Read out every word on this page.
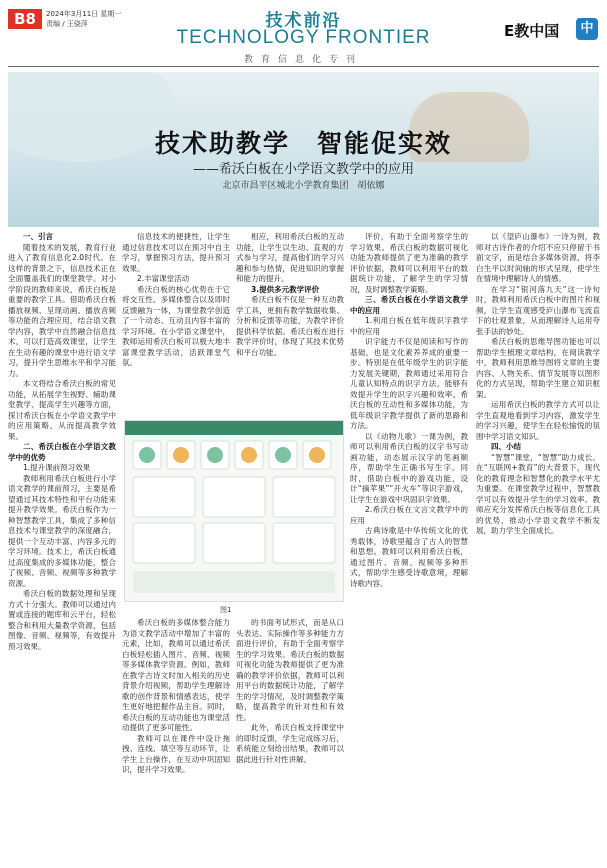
B8	2024年3月11日 星期一
责编 / 王骁萍	技术前沿
TECHNOLOGY FRONTIER
教育信息化专刊
E教中国	中
技术助教学　智能促实效
——希沃白板在小学语文教学中的应用
北京市昌平区城北小学教育集团　胡依娜

一、引言

随着技术的发展，教育行业进入了教育信息化2.0时代。在这样的背景之下，信息技术正在全面覆盖我们的课堂教学。对小学阶段的教师来说，希沃白板是重要的教学工具。借助希沃白板播放视频、呈现动画、播放音频等功能的合理应用，结合语文教学内容，教学中自然融合信息技术，可以打造高效课堂，让学生在生动有趣的课堂中进行语文学习，提升学生思维水平和学习能力。

本文将结合希沃白板的常见功能，从拓展学生视野、辅助课堂教学、提高学生兴趣等方面，探讨希沃白板在小学语文教学中的应用策略，从而提高教学效果。

二、希沃白板在小学语文教学中的优势

1.提升课前预习效果

教师利用希沃白板进行小学语文教学的课前预习，主要是希望通过其技术特性和平台功能来提升教学效果。希沃白板作为一种智慧教学工具，集成了多种信息技术与课堂教学的深度融合，提供一个互动丰富、内容多元的学习环境。技术上，希沃白板通过高度集成的多媒体功能，整合了视频、音频、视频等多种教学资源。

希沃白板的数据处理和呈现方式十分强大。教师可以通过内置或连接的题库和云平台，轻松整合和利用大量教学资源，包括图像、音频、视频等，有效提升预习效果。

信息技术的便捷性，让学生通过信息技术可以在预习中自主学习，掌握预习方法，提升预习效果。

2.丰富课堂活动

希沃白板的核心优势在于它将交互性、多媒体整合以及即时反馈融为一体，为课堂教学创造了一个动态、互动且内容丰富的学习环境。在小学语文课堂中，教师运用希沃白板可以极大地丰富课堂教学活动，活跃课堂气氛。

相应，利用希沃白板的互动功能，让学生以生动、直观的方式参与学习，提高他们的学习兴趣和参与热情，促进知识的掌握和能力的提升。

3.提供多元教学评价

希沃白板不仅是一种互动教学工具，更拥有教学数据收集、分析和反馈等功能，为教学评价提供科学依据。希沃白板在进行教学评价时，体现了其技术优势和平台功能。

图1

希沃白板的多媒体整合能力为语文教学活动中增加了丰富的元素，比如，教师可以通过希沃白板轻松插入图片、音频、视频等多媒体教学资源。例如，教师在教学古诗文时加入相关的历史背景介绍视频，帮助学生理解诗歌的创作背景和情感表达，使学生更好地把握作品主旨。同时，希沃白板的互动功能也为课堂活动提供了更多可能性。

教师可以在课件中设计拖拽、连线、填空等互动环节，让学生上台操作，在互动中巩固知识，提升学习效果。

的书面考试形式，而是从口头表达、实际操作等多种能力方面进行评价，有助于全面考察学生的学习效果。希沃白板的数据可视化功能为教师提供了更为准确的教学评价依据，教师可以利用平台的数据统计功能，了解学生的学习情况，及时调整教学策略，提高教学的针对性和有效性。

此外，希沃白板支持课堂中的即时反馈，学生完成练习后，系统能立刻给出结果，教师可以据此进行针对性讲解。

评价，有助于全面考察学生的学习效果。希沃白板的数据可视化功能为教师提供了更为准确的教学评价依据，教师可以利用平台的数据统计功能，了解学生的学习情况，及时调整教学策略。

三、希沃白板在小学语文教学中的应用

1.利用白板在低年级识字教学中的应用

识字能力不仅是阅读和写作的基础，也是文化素养养成的重要一步。特别是在低年级学生的识字能力发展关键期，教师通过采用符合儿童认知特点的识字方法，能够有效提升学生的识字兴趣和效率。希沃白板的互动性和多媒体功能，为低年级识字教学提供了新的思路和方法。

以《动物儿歌》一课为例，教师可以利用希沃白板的汉字书写动画功能，动态展示汉字的笔画顺序，帮助学生正确书写生字。同时，借助白板中的游戏功能，设计“摘苹果”“开火车”等识字游戏，让学生在游戏中巩固识字效果。

2.希沃白板在文言文教学中的应用

古典诗歌是中华传统文化的优秀载体，诗歌里蕴含了古人的智慧和思想。教师可以利用希沃白板，通过图片、音频、视频等多种形式，帮助学生感受诗歌意境，理解诗歌内容。

以《望庐山瀑布》一诗为例，教师对古诗作者的介绍不应只停留于书面文字，而是结合多媒体资源，将李白生平以时间轴的形式呈现，使学生在情境中理解诗人的情感。

在学习“银河落九天”这一诗句时，教师利用希沃白板中的图片和视频，让学生直观感受庐山瀑布飞流直下的壮观景象，从而理解诗人运用夸张手法的妙处。

希沃白板的思维导图功能也可以帮助学生梳理文章结构，在阅读教学中，教师利用思维导图将文章的主要内容、人物关系、情节发展等以图形化的方式呈现，帮助学生建立知识框架。

运用希沃白板的教学方式可以让学生直观地看到学习内容，激发学生的学习兴趣，使学生在轻松愉悦的氛围中学习语文知识。

四、小结

“智慧”课堂，“智慧”助力成长。在“互联网+教育”的大背景下，现代化的教育理念和智慧化的教学水平尤为重要。在课堂教学过程中，智慧教学可以有效提升学生的学习效率。教师应充分发挥希沃白板等信息化工具的优势，推动小学语文教学不断发展，助力学生全面成长。
